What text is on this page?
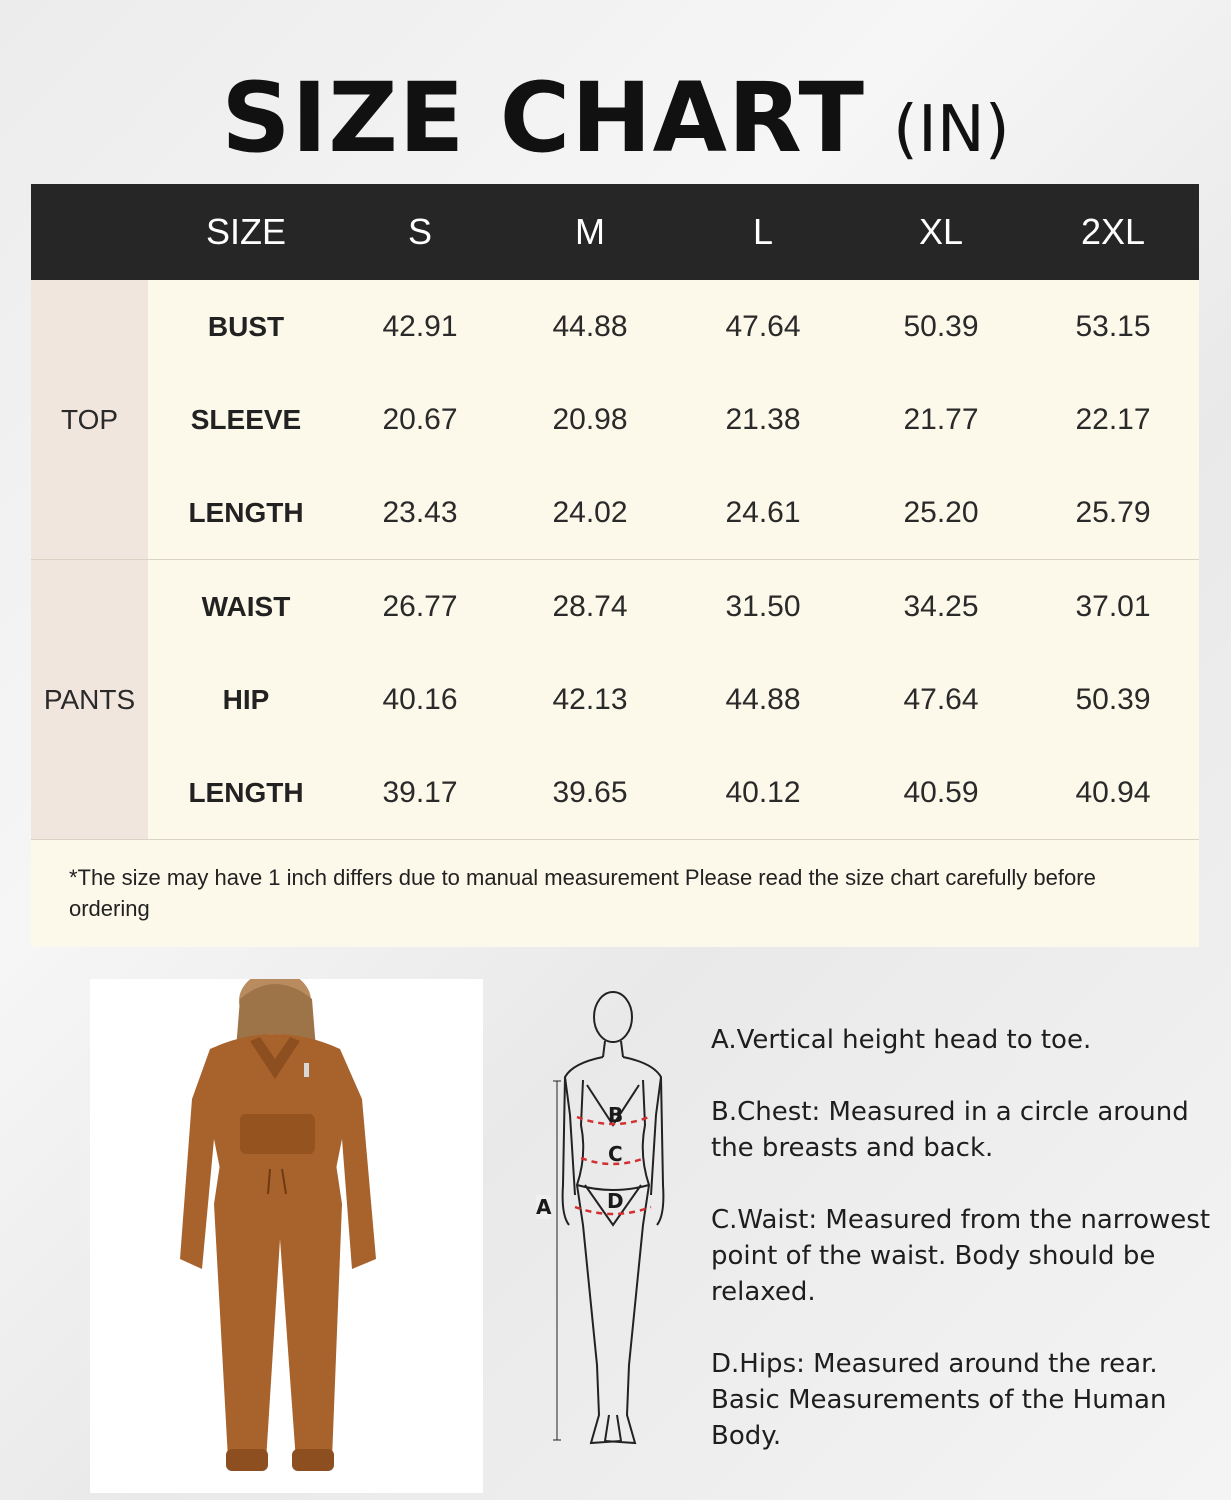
SIZE CHART (IN)
SIZE	S	M	L	XL	2XL
TOP
BUST	42.91	44.88	47.64	50.39	53.15
SLEEVE	20.67	20.98	21.38	21.77	22.17
LENGTH	23.43	24.02	24.61	25.20	25.79
PANTS
WAIST	26.77	28.74	31.50	34.25	37.01
HIP	40.16	42.13	44.88	47.64	50.39
LENGTH	39.17	39.65	40.12	40.59	40.94
*The size may have 1 inch differs due to manual measurement Please read the size chart carefully before ordering
A
B
C
D

A.Vertical height head to toe.

B.Chest: Measured in a circle around the breasts and back.

C.Waist: Measured from the narrowest point of the waist. Body should be relaxed.

D.Hips: Measured around the rear. Basic Measurements of the Human Body.
